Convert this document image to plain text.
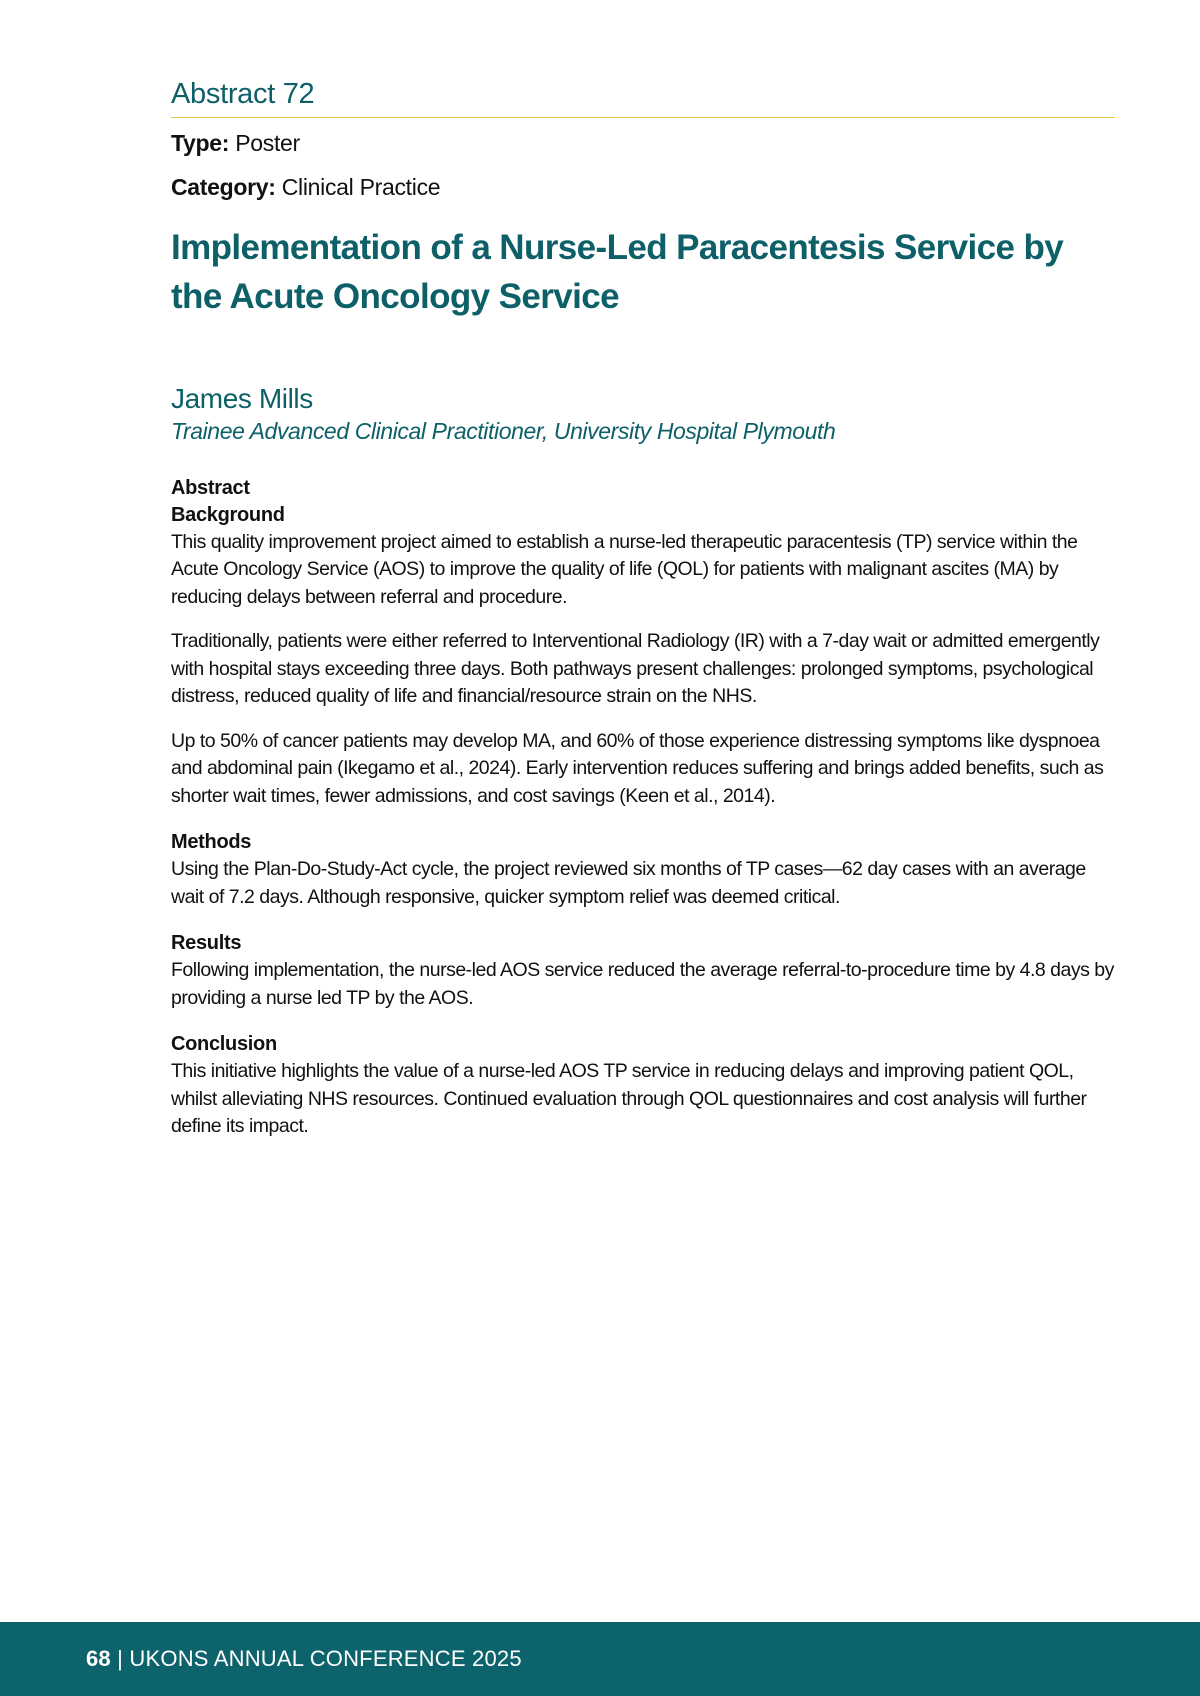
Abstract 72
Type: Poster
Category: Clinical Practice
Implementation of a Nurse-Led Paracentesis Service by
the Acute Oncology Service
James Mills
Trainee Advanced Clinical Practitioner, University Hospital Plymouth
Abstract
Background

This quality improvement project aimed to establish a nurse-led therapeutic paracentesis (TP) service within the Acute Oncology Service (AOS) to improve the quality of life (QOL) for patients with malignant ascites (MA) by reducing delays between referral and procedure.

Traditionally, patients were either referred to Interventional Radiology (IR) with a 7-day wait or admitted emergently with hospital stays exceeding three days. Both pathways present challenges: prolonged symptoms, psychological distress, reduced quality of life and financial/resource strain on the NHS.

Up to 50% of cancer patients may develop MA, and 60% of those experience distressing symptoms like dyspnoea and abdominal pain (Ikegamo et al., 2024). Early intervention reduces suffering and brings added benefits, such as shorter wait times, fewer admissions, and cost savings (Keen et al., 2014).

Methods

Using the Plan-Do-Study-Act cycle, the project reviewed six months of TP cases—62 day cases with an average wait of 7.2 days. Although responsive, quicker symptom relief was deemed critical.

Results

Following implementation, the nurse-led AOS service reduced the average referral-to-procedure time by 4.8 days by providing a nurse led TP by the AOS.

Conclusion

This initiative highlights the value of a nurse-led AOS TP service in reducing delays and improving patient QOL, whilst alleviating NHS resources. Continued evaluation through QOL questionnaires and cost analysis will further define its impact.

68 | UKONS ANNUAL CONFERENCE 2025
